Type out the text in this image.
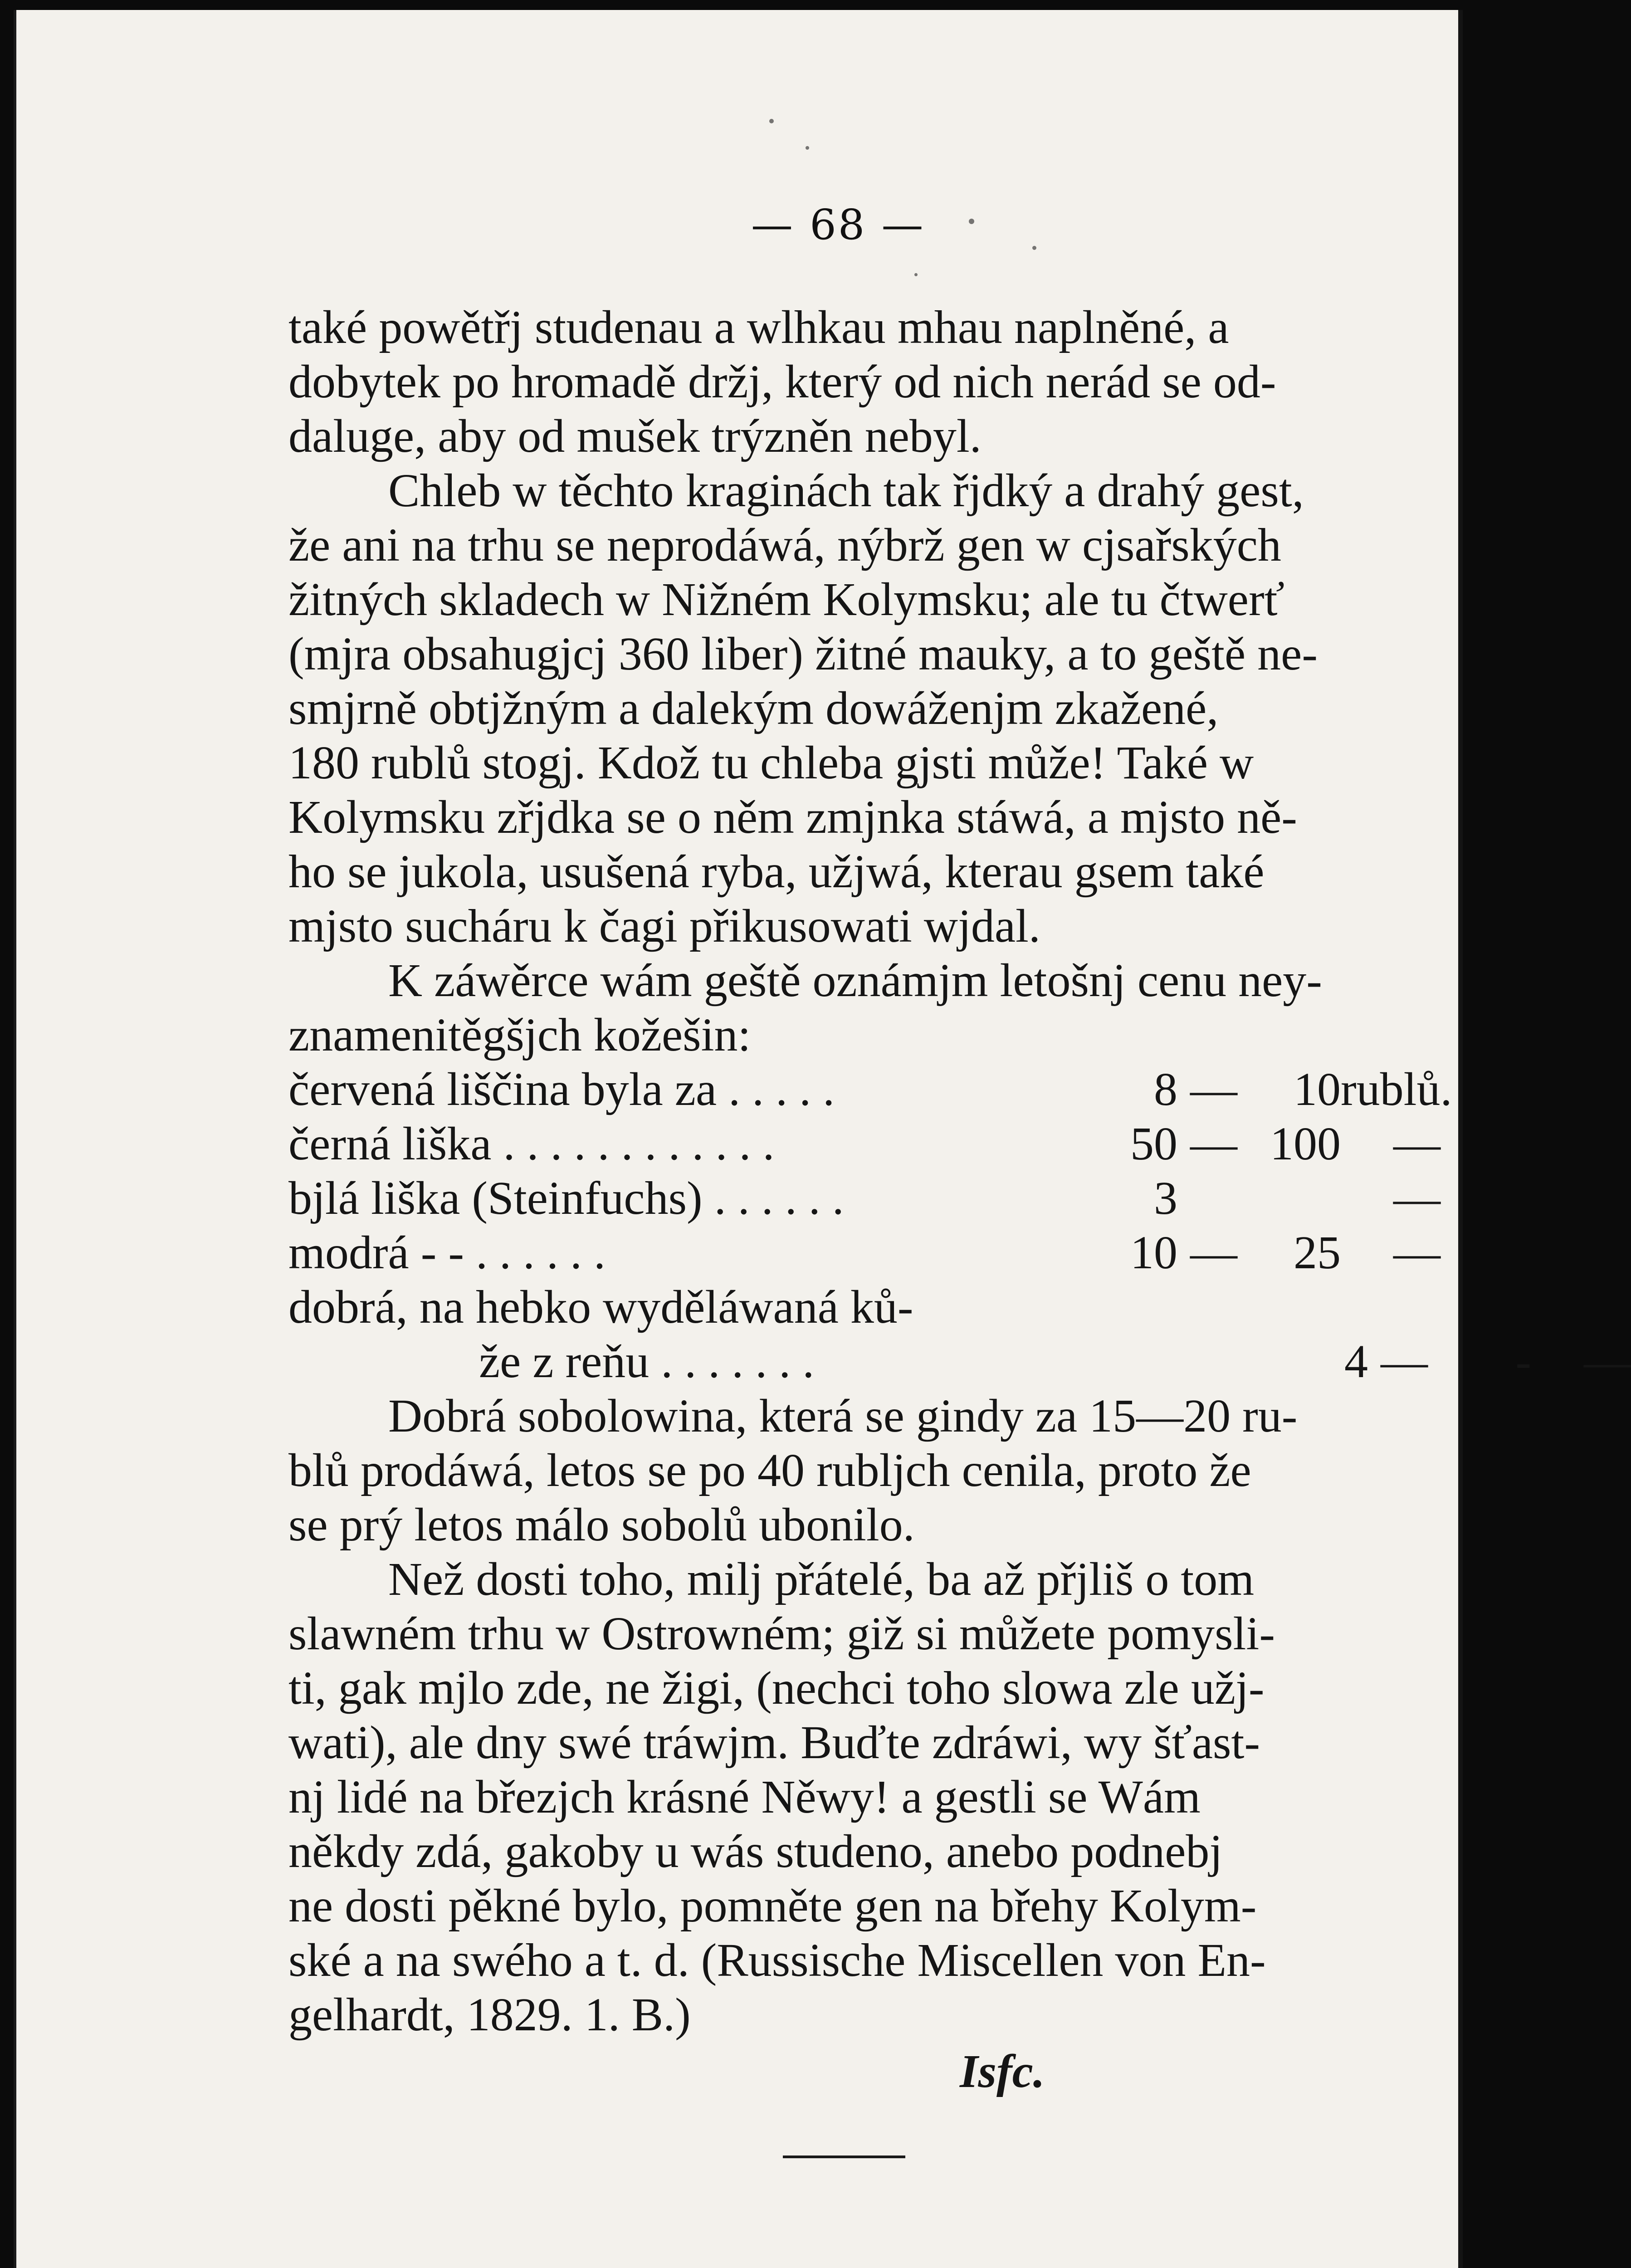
— 68 —
také powětřj studenau a wlhkau mhau naplněné, a
dobytek po hromadě držj, který od nich nerád se od-
daluge, aby od mušek trýzněn nebyl.
Chleb w těchto kraginách tak řjdký a drahý gest,
že ani na trhu se neprodáwá, nýbrž gen w cjsařských
žitných skladech w Nižném Kolymsku; ale tu čtwerť
(mjra obsahugjcj 360 liber) žitné mauky, a to geště ne-
smjrně obtjžným a dalekým dowáženjm zkažené,
180 rublů stogj. Kdož tu chleba gjsti může! Také w
Kolymsku zřjdka se o něm zmjnka stáwá, a mjsto ně-
ho se jukola, usušená ryba, užjwá, kterau gsem také
mjsto sucháru k čagi přikusowati wjdal.
K záwěrce wám geště oznámjm letošnj cenu ney-
znamenitěgšjch kožešin:
červená liščina byla za . . . . .	8 —	10 rublů.
černá liška . . . . . . . . . . . .	50 — 100	—
bjlá liška (Steinfuchs) . . . . . .	3	—
modrá - - . . . . . .	10 —	25	—
dobrá, na hebko wyděláwaná ků-
že z reňu . . . . . . .	4 —	-	—
Dobrá sobolowina, která se gindy za 15—20 ru-
blů prodáwá, letos se po 40 rubljch cenila, proto že
se prý letos málo sobolů ubonilo.
Než dosti toho, milj přátelé, ba až přjliš o tom
slawném trhu w Ostrowném; giž si můžete pomysli-
ti, gak mjlo zde, ne žigi, (nechci toho slowa zle užj-
wati), ale dny swé tráwjm. Buďte zdráwi, wy šťast-
nj lidé na březjch krásné Něwy! a gestli se Wám
někdy zdá, gakoby u wás studeno, anebo podnebj
ne dosti pěkné bylo, pomněte gen na břehy Kolym-
ské a na swého a t. d. (Russische Miscellen von En-
gelhardt, 1829. 1. B.)
Isfc.
